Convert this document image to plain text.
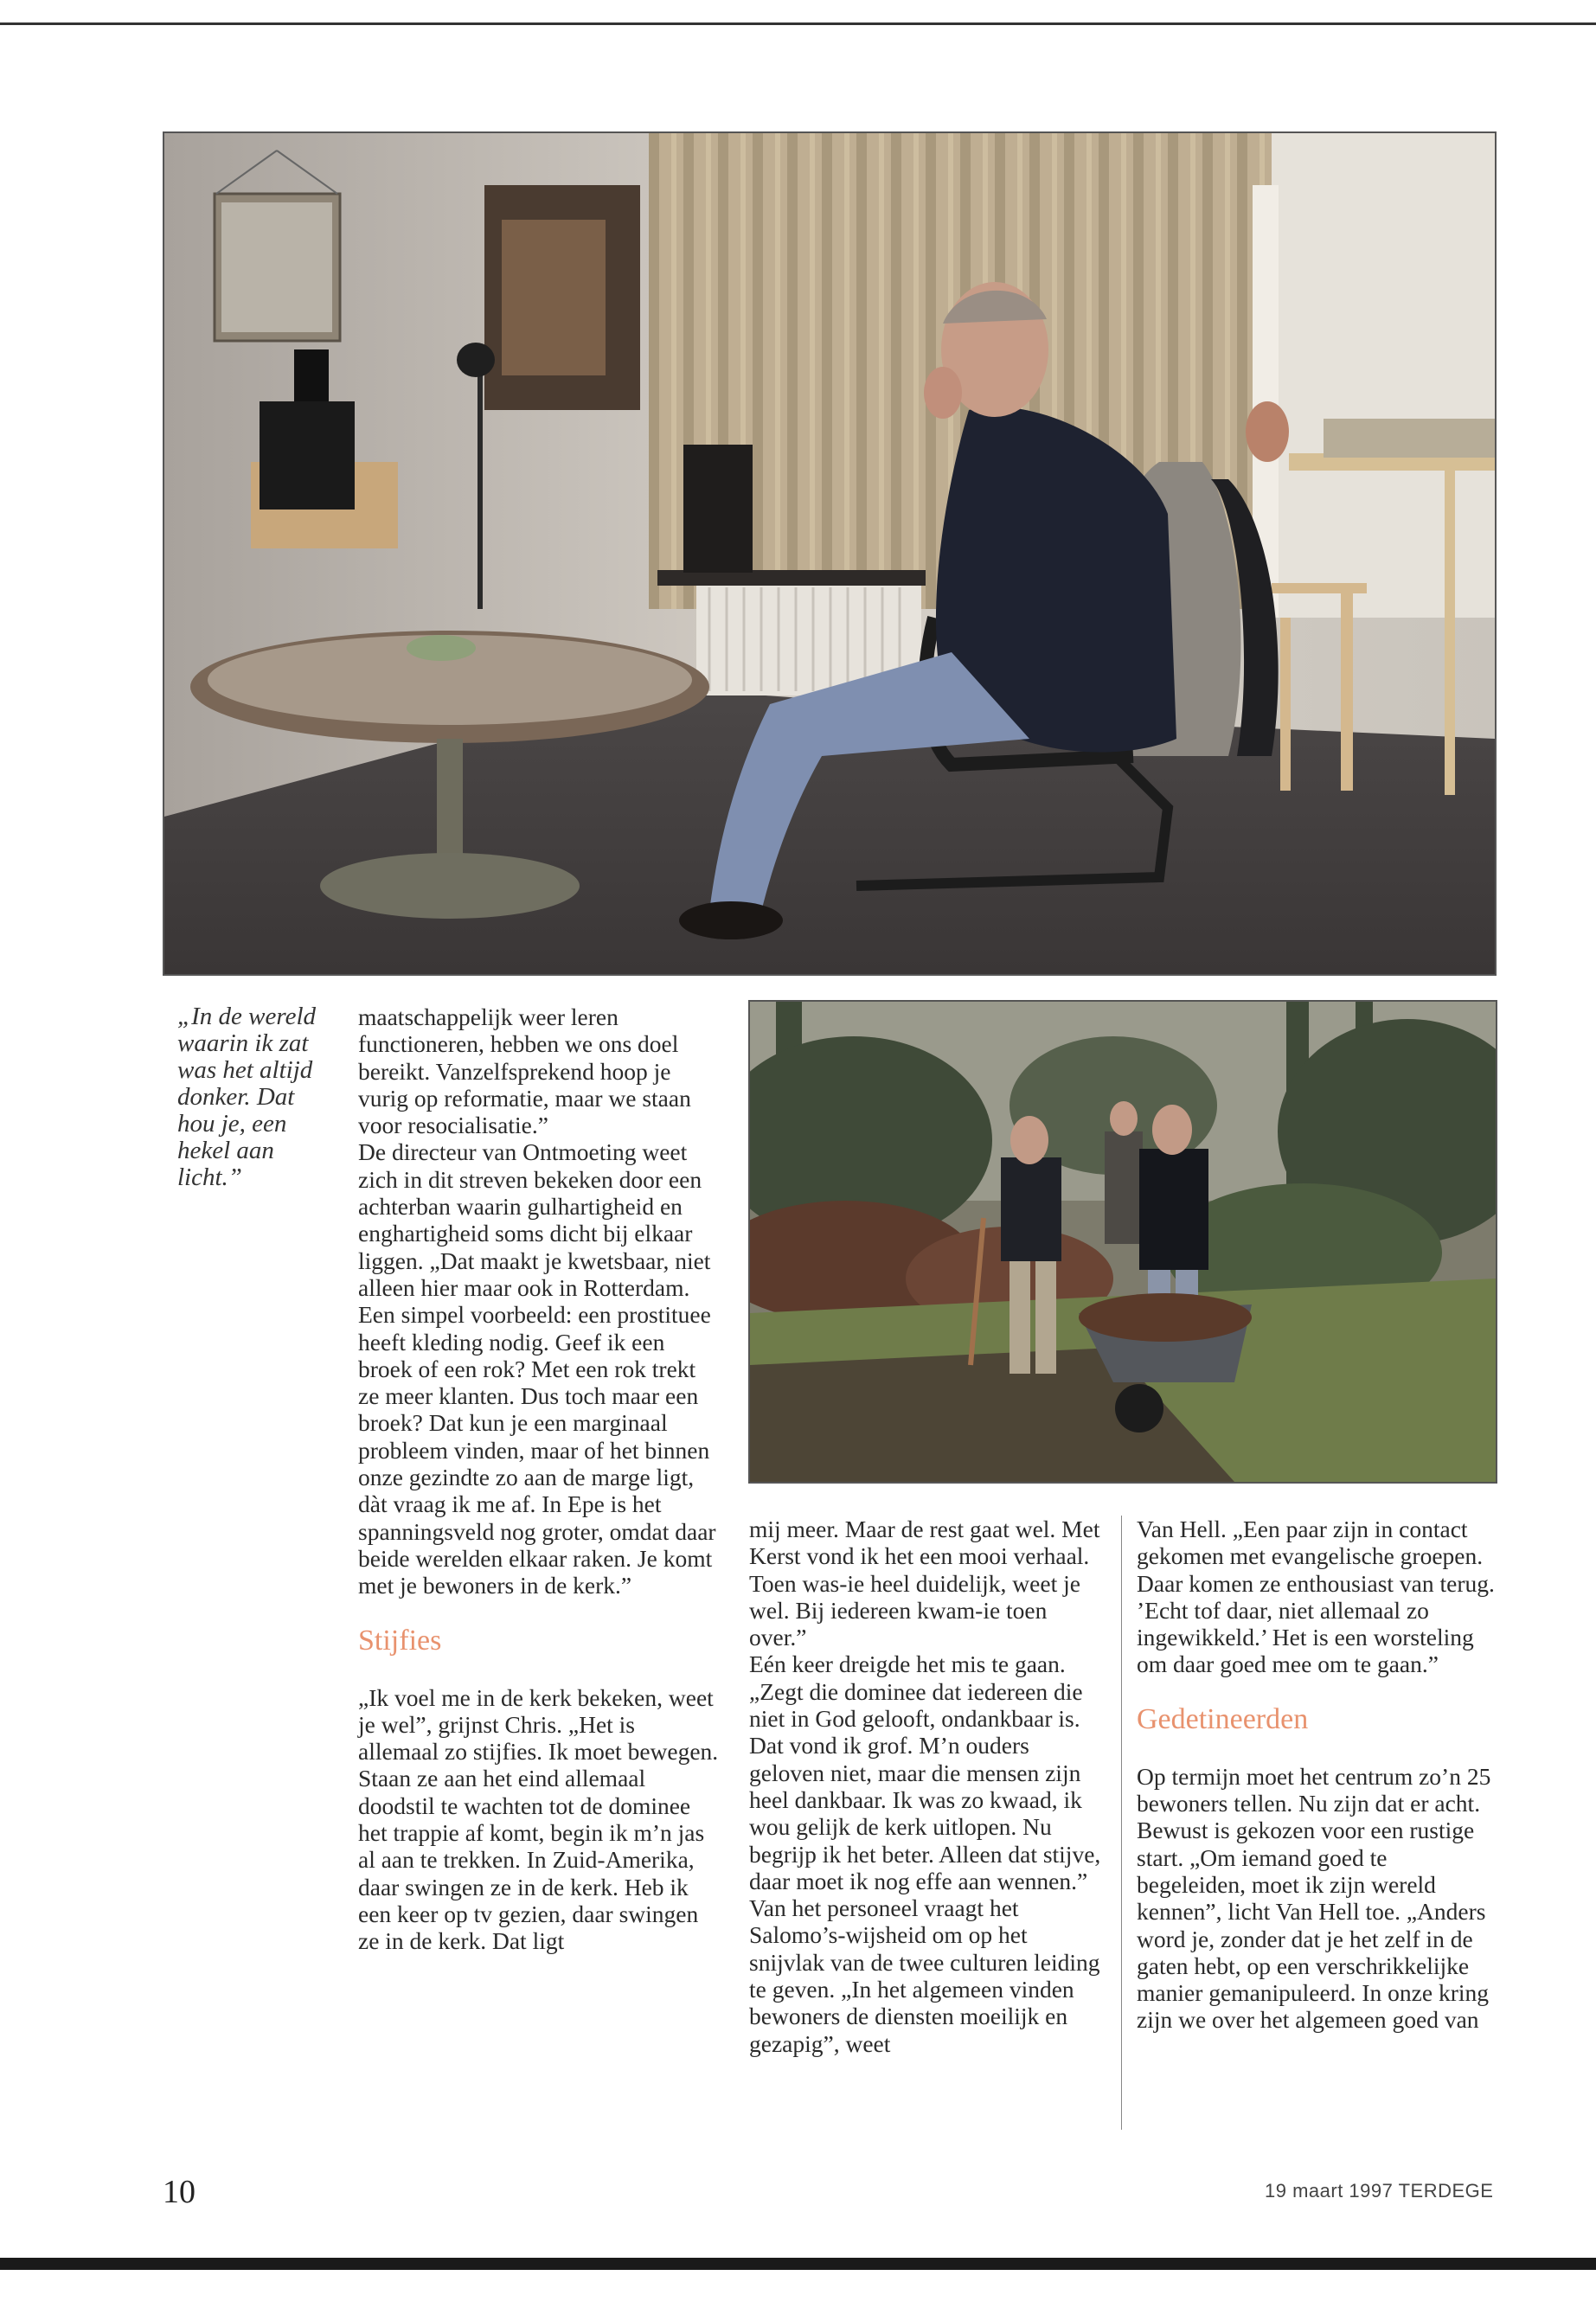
„In de wereld waarin ik zat was het altijd donker. Dat hou je, een hekel aan licht.”

maatschappelijk weer leren functioneren, hebben we ons doel bereikt. Vanzelfsprekend hoop je vurig op reformatie, maar we staan voor resocialisatie.”

De directeur van Ontmoeting weet zich in dit streven bekeken door een achterban waarin gulhartigheid en enghartigheid soms dicht bij elkaar liggen. „Dat maakt je kwetsbaar, niet alleen hier maar ook in Rotterdam. Een simpel voorbeeld: een prostituee heeft kleding nodig. Geef ik een broek of een rok? Met een rok trekt ze meer klanten. Dus toch maar een broek? Dat kun je een marginaal probleem vinden, maar of het binnen onze gezindte zo aan de marge ligt, dàt vraag ik me af. In Epe is het spanningsveld nog groter, omdat daar beide werelden elkaar raken. Je komt met je bewoners in de kerk.”

Stijfies

„Ik voel me in de kerk bekeken, weet je wel”, grijnst Chris. „Het is allemaal zo stijfies. Ik moet bewegen. Staan ze aan het eind allemaal doodstil te wachten tot de dominee het trappie af komt, begin ik m’n jas al aan te trekken. In Zuid-Amerika, daar swingen ze in de kerk. Heb ik een keer op tv gezien, daar swingen ze in de kerk. Dat ligt

mij meer. Maar de rest gaat wel. Met Kerst vond ik het een mooi verhaal. Toen was-ie heel duidelijk, weet je wel. Bij iedereen kwam-ie toen over.”

Eén keer dreigde het mis te gaan. „Zegt die dominee dat iedereen die niet in God gelooft, ondankbaar is. Dat vond ik grof. M’n ouders geloven niet, maar die mensen zijn heel dankbaar. Ik was zo kwaad, ik wou gelijk de kerk uitlopen. Nu begrijp ik het beter. Alleen dat stijve, daar moet ik nog effe aan wennen.”

Van het personeel vraagt het Salomo’s-wijsheid om op het snijvlak van de twee culturen leiding te geven. „In het algemeen vinden bewoners de diensten moeilijk en gezapig”, weet

Van Hell. „Een paar zijn in contact gekomen met evangelische groepen. Daar komen ze enthousiast van terug. ’Echt tof daar, niet allemaal zo ingewikkeld.’ Het is een worsteling om daar goed mee om te gaan.”

Gedetineerden

Op termijn moet het centrum zo’n 25 bewoners tellen. Nu zijn dat er acht. Bewust is gekozen voor een rustige start. „Om iemand goed te begeleiden, moet ik zijn wereld kennen”, licht Van Hell toe. „Anders word je, zonder dat je het zelf in de gaten hebt, op een verschrikkelijke manier gemanipuleerd. In onze kring zijn we over het algemeen goed van

10	19 maart 1997 TERDEGE
